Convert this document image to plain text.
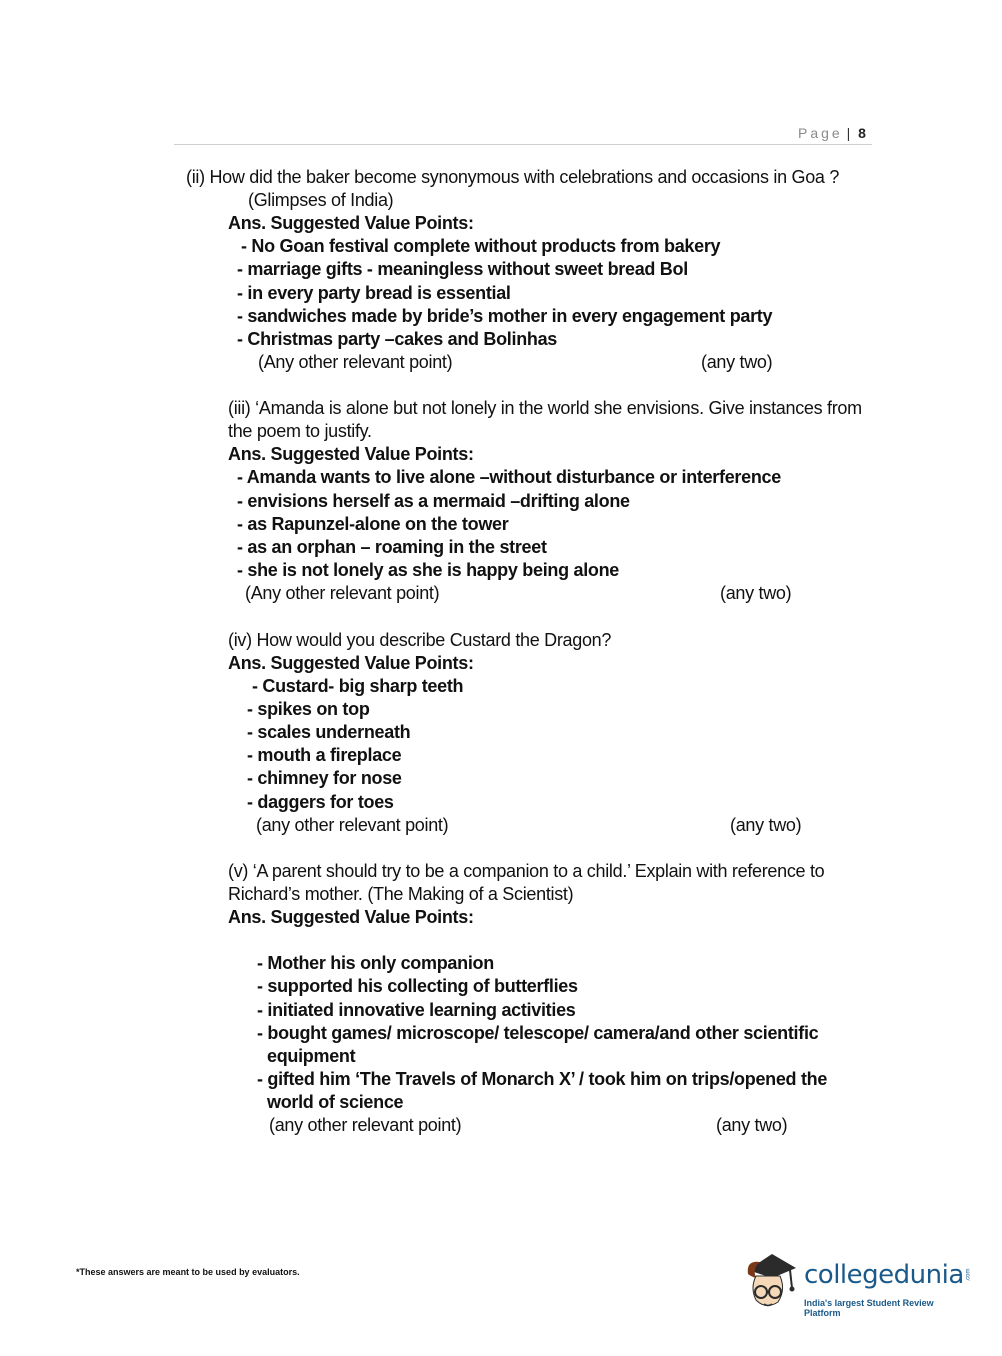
Page | 8
(ii) How did the baker become synonymous with celebrations and occasions in Goa ?
(Glimpses of India)
Ans. Suggested Value Points:
- No Goan festival complete without products from bakery
- marriage gifts - meaningless without sweet bread Bol
- in every party bread is essential
- sandwiches made by bride’s mother in every engagement party
- Christmas party –cakes and Bolinhas
(Any other relevant point)	(any two)
(iii) ‘Amanda is alone but not lonely in the world she envisions. Give instances from
the poem to justify.
Ans. Suggested Value Points:
- Amanda wants to live alone –without disturbance or interference
- envisions herself as a mermaid –drifting alone
- as Rapunzel-alone on the tower
- as an orphan – roaming in the street
- she is not lonely as she is happy being alone
(Any other relevant point)	(any two)
(iv) How would you describe Custard the Dragon?
Ans. Suggested Value Points:
- Custard- big sharp teeth
- spikes on top
- scales underneath
- mouth a fireplace
- chimney for nose
- daggers for toes
(any other relevant point)	(any two)
(v) ‘A parent should try to be a companion to a child.’ Explain with reference to
Richard’s mother. (The Making of a Scientist)
Ans. Suggested Value Points:
- Mother his only companion
- supported his collecting of butterflies
- initiated innovative learning activities
- bought games/ microscope/ telescope/ camera/and other scientific
equipment
- gifted him ‘The Travels of Monarch X’ / took him on trips/opened the
world of science
(any other relevant point)	(any two)
*These answers are meant to be used by evaluators.	collegedunia .com
India's largest Student Review Platform
